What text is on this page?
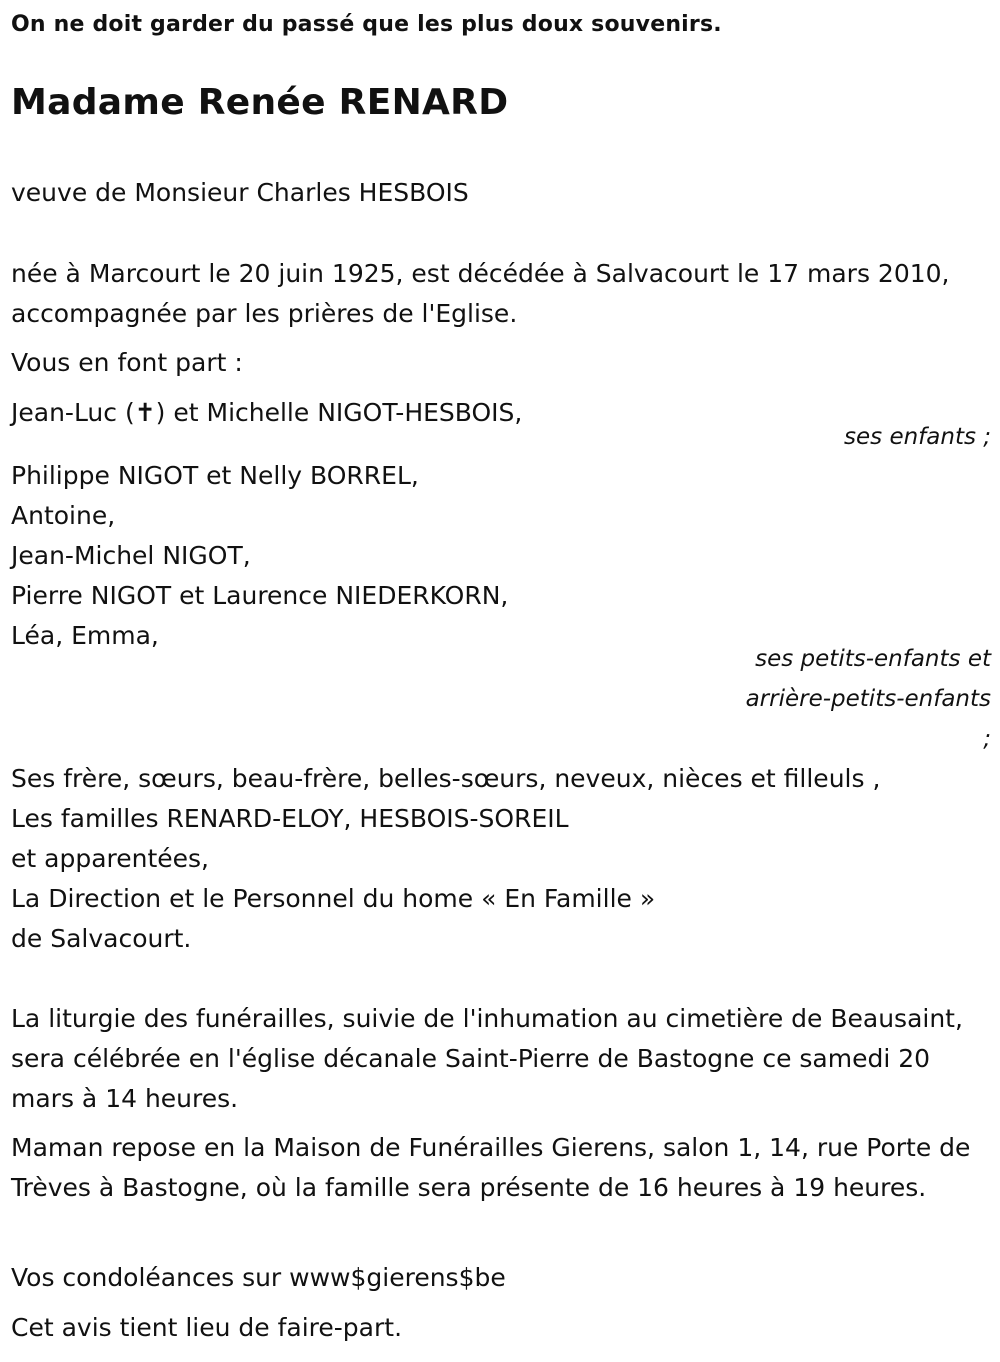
On ne doit garder du passé que les plus doux souvenirs.
Madame Renée RENARD
veuve de Monsieur Charles HESBOIS
née à Marcourt le 20 juin 1925, est décédée à Salvacourt le 17 mars 2010, accompagnée par les prières de l'Eglise.
Vous en font part :
Jean-Luc (✝) et Michelle NIGOT-HESBOIS,
ses enfants ;
Philippe NIGOT et Nelly BORREL,
Antoine,
Jean-Michel NIGOT,
Pierre NIGOT et Laurence NIEDERKORN,
Léa, Emma,
ses petits-enfants et arrière-petits-enfants ;
Ses frère, sœurs, beau-frère, belles-sœurs, neveux, nièces et filleuls ,
Les familles RENARD-ELOY, HESBOIS-SOREIL
et apparentées,
La Direction et le Personnel du home « En Famille »
de Salvacourt.
La liturgie des funérailles, suivie de l'inhumation au cimetière de Beausaint, sera célébrée en l'église décanale Saint-Pierre de Bastogne ce samedi 20 mars à 14 heures.
Maman repose en la Maison de Funérailles Gierens, salon 1, 14, rue Porte de Trèves à Bastogne, où la famille sera présente de 16 heures à 19 heures.
Vos condoléances sur www$gierens$be
Cet avis tient lieu de faire-part.
